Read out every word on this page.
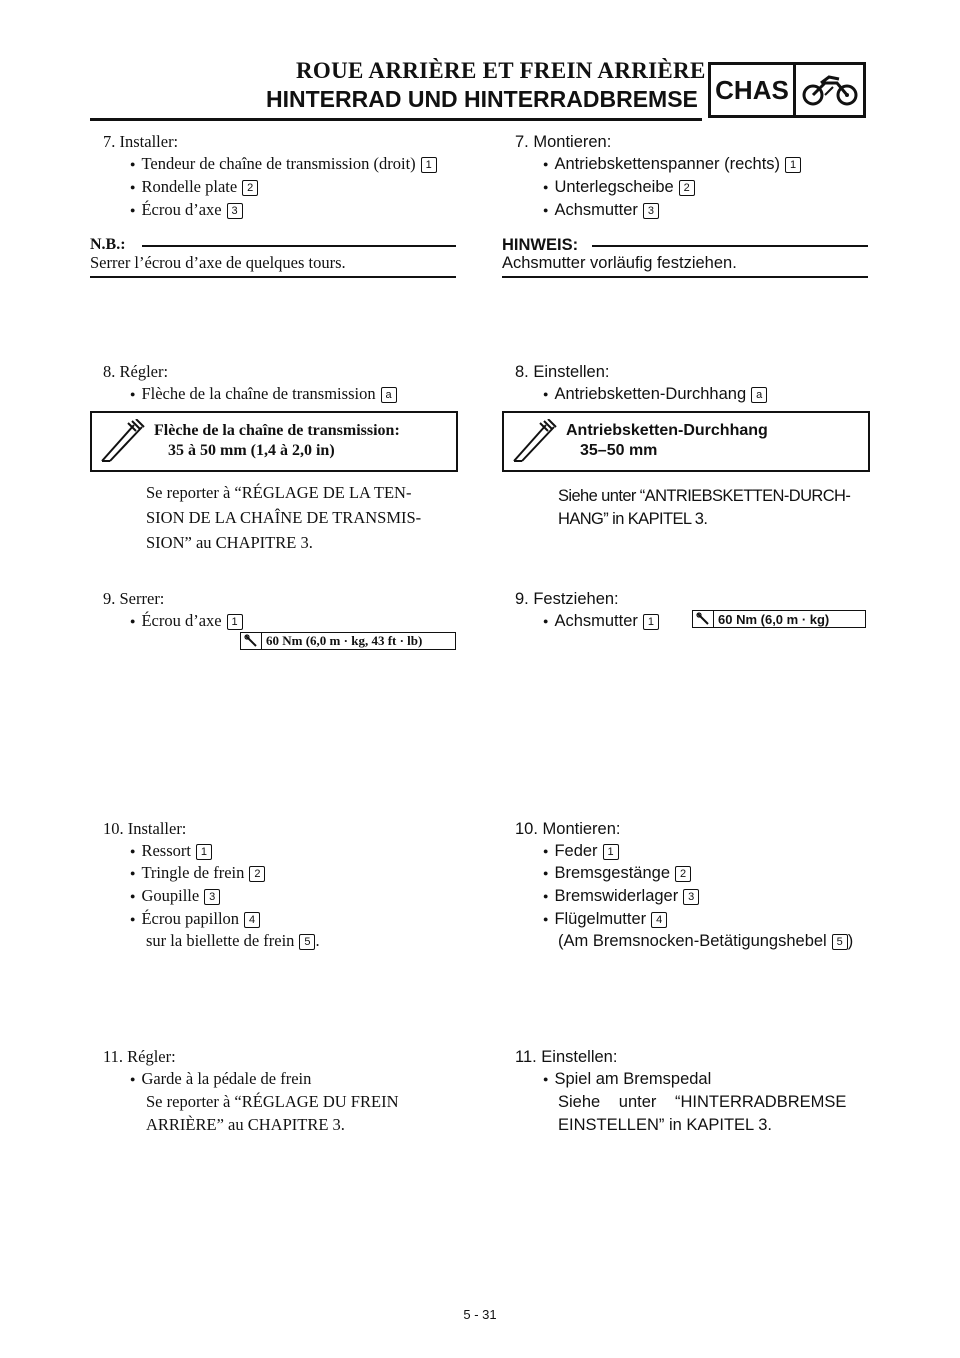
ROUE ARRIÈRE ET FREIN ARRIÈRE
HINTERRAD UND HINTERRADBREMSE CHAS
7. Installer:
● Tendeur de chaîne de transmission (droit) 1
● Rondelle plate 2
● Écrou d’axe 3
N.B.:
Serrer l’écrou d’axe de quelques tours.
8. Régler:
● Flèche de la chaîne de transmission a
Flèche de la chaîne de transmission:
35 à 50 mm (1,4 à 2,0 in)
Se reporter à “RÉGLAGE DE LA TEN-
SION DE LA CHAÎNE DE TRANSMIS-
SION” au CHAPITRE 3.
9. Serrer:
● Écrou d’axe 1
60 Nm (6,0 m · kg, 43 ft · lb)
10. Installer:
● Ressort 1
● Tringle de frein 2
● Goupille 3
● Écrou papillon 4
sur la biellette de frein 5 .
11. Régler:
● Garde à la pédale de frein
Se reporter à “RÉGLAGE DU FREIN
ARRIÈRE” au CHAPITRE 3.
7. Montieren:
● Antriebskettenspanner (rechts) 1
● Unterlegscheibe 2
● Achsmutter 3
HINWEIS:
Achsmutter vorläufig festziehen.
8. Einstellen:
● Antriebsketten-Durchhang a
Antriebsketten-Durchhang
35–50 mm
Siehe unter “ANTRIEBSKETTEN-DURCH-
HANG” in KAPITEL 3.
9. Festziehen:
● Achsmutter 1	60 Nm (6,0 m · kg)
10. Montieren:
● Feder 1
● Bremsgestänge 2
● Bremswiderlager 3
● Flügelmutter 4
(Am Bremsnocken-Betätigungshebel 5 )
11. Einstellen:
● Spiel am Bremspedal
Siehe unter “HINTERRADBREMSE
EINSTELLEN” in KAPITEL 3.
5 - 31
